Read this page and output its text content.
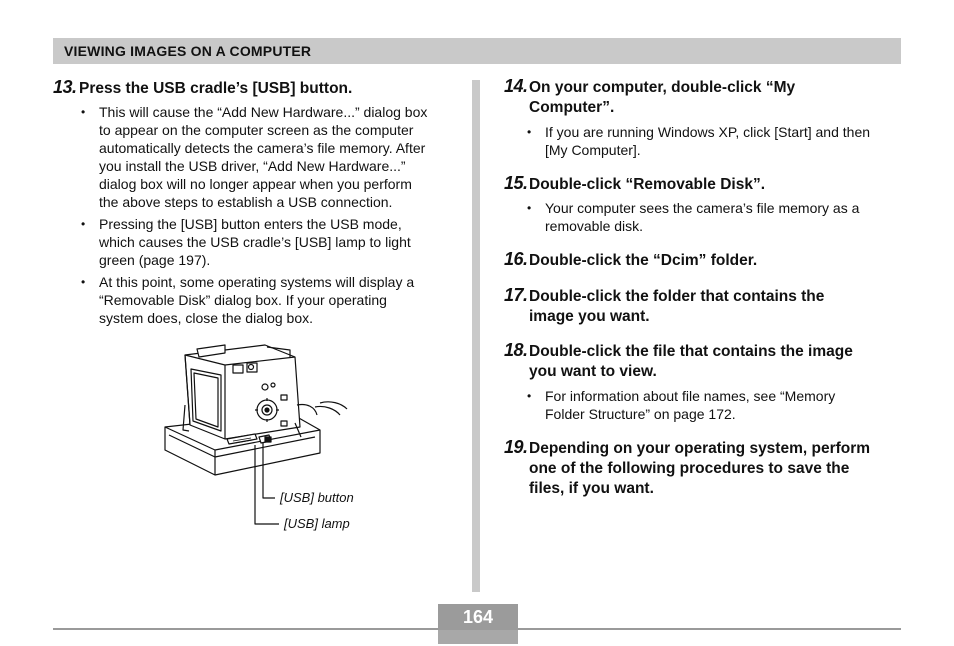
VIEWING IMAGES ON A COMPUTER
13. Press the USB cradle’s [USB] button.
• This will cause the “Add New Hardware...” dialog box
to appear on the computer screen as the computer
automatically detects the camera’s file memory. After
you install the USB driver, “Add New Hardware...”
dialog box will no longer appear when you perform
the above steps to establish a USB connection.
• Pressing the [USB] button enters the USB mode,
which causes the USB cradle’s [USB] lamp to light
green (page 197).
• At this point, some operating systems will display a
“Removable Disk” dialog box. If your operating
system does, close the dialog box.
[USB] button
[USB] lamp
14. On your computer, double-click “My
Computer”.
• If you are running Windows XP, click [Start] and then
[My Computer].
15. Double-click “Removable Disk”.
• Your computer sees the camera’s file memory as a
removable disk.
16. Double-click the “Dcim” folder.
17. Double-click the folder that contains the
image you want.
18. Double-click the file that contains the image
you want to view.
• For information about file names, see “Memory
Folder Structure” on page 172.
19. Depending on your operating system, perform
one of the following procedures to save the
files, if you want.
164
